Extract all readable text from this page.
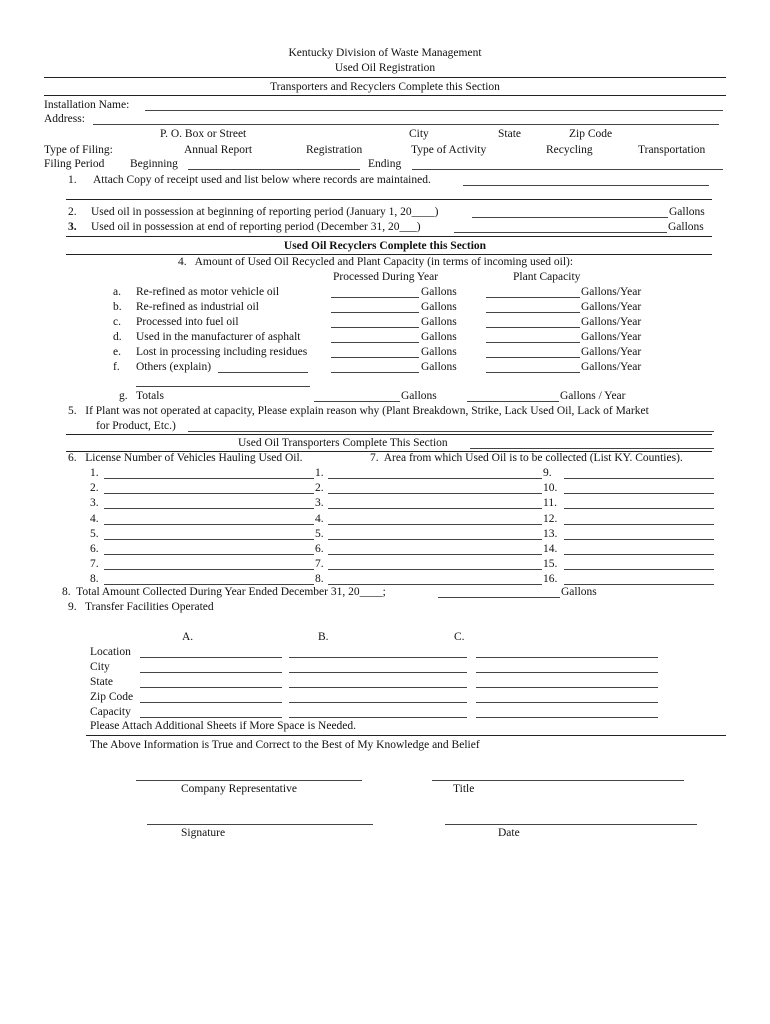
Kentucky Division of Waste Management
Used Oil Registration
Transporters and Recyclers Complete this Section
Installation Name:
Address:
P. O. Box or Street	City	State	Zip Code
Type of Filing:	Annual Report	Registration	Type of Activity	Recycling	Transportation
Filing Period Beginning	Ending
1. Attach Copy of receipt used and list below where records are maintained.
2. Used oil in possession at beginning of reporting period (January 1, 20____)	Gallons
3. Used oil in possession at end of reporting period (December 31, 20___)	Gallons
Used Oil Recyclers Complete this Section
4.   Amount of Used Oil Recycled and Plant Capacity (in terms of incoming used oil):
Processed During Year	Plant Capacity
a. Re-refined as motor vehicle oil	Gallons	Gallons/Year
b. Re-refined as industrial oil	Gallons	Gallons/Year
c. Processed into fuel oil	Gallons	Gallons/Year
d. Used in the manufacturer of asphalt	Gallons	Gallons/Year
e. Lost in processing including residues	Gallons	Gallons/Year
f. Others (explain)	Gallons	Gallons/Year
g. Totals	Gallons	Gallons / Year
5.   If Plant was not operated at capacity, Please explain reason why (Plant Breakdown, Strike, Lack Used Oil, Lack of Market
for Product, Etc.)
Used Oil Transporters Complete This Section
6.   License Number of Vehicles Hauling Used Oil.	7.  Area from which Used Oil is to be collected (List KY. Counties).
1.	1.	9.
2.	2.	10.
3.	3.	11.
4.	4.	12.
5.	5.	13.
6.	6.	14.
7.	7.	15.
8.	8.	16.
8.  Total Amount Collected During Year Ended December 31, 20____;	Gallons
9.   Transfer Facilities Operated
A.	B.	C.
Location
City
State
Zip Code
Capacity
Please Attach Additional Sheets if More Space is Needed.
The Above Information is True and Correct to the Best of My Knowledge and Belief
Company Representative	Title
Signature	Date
